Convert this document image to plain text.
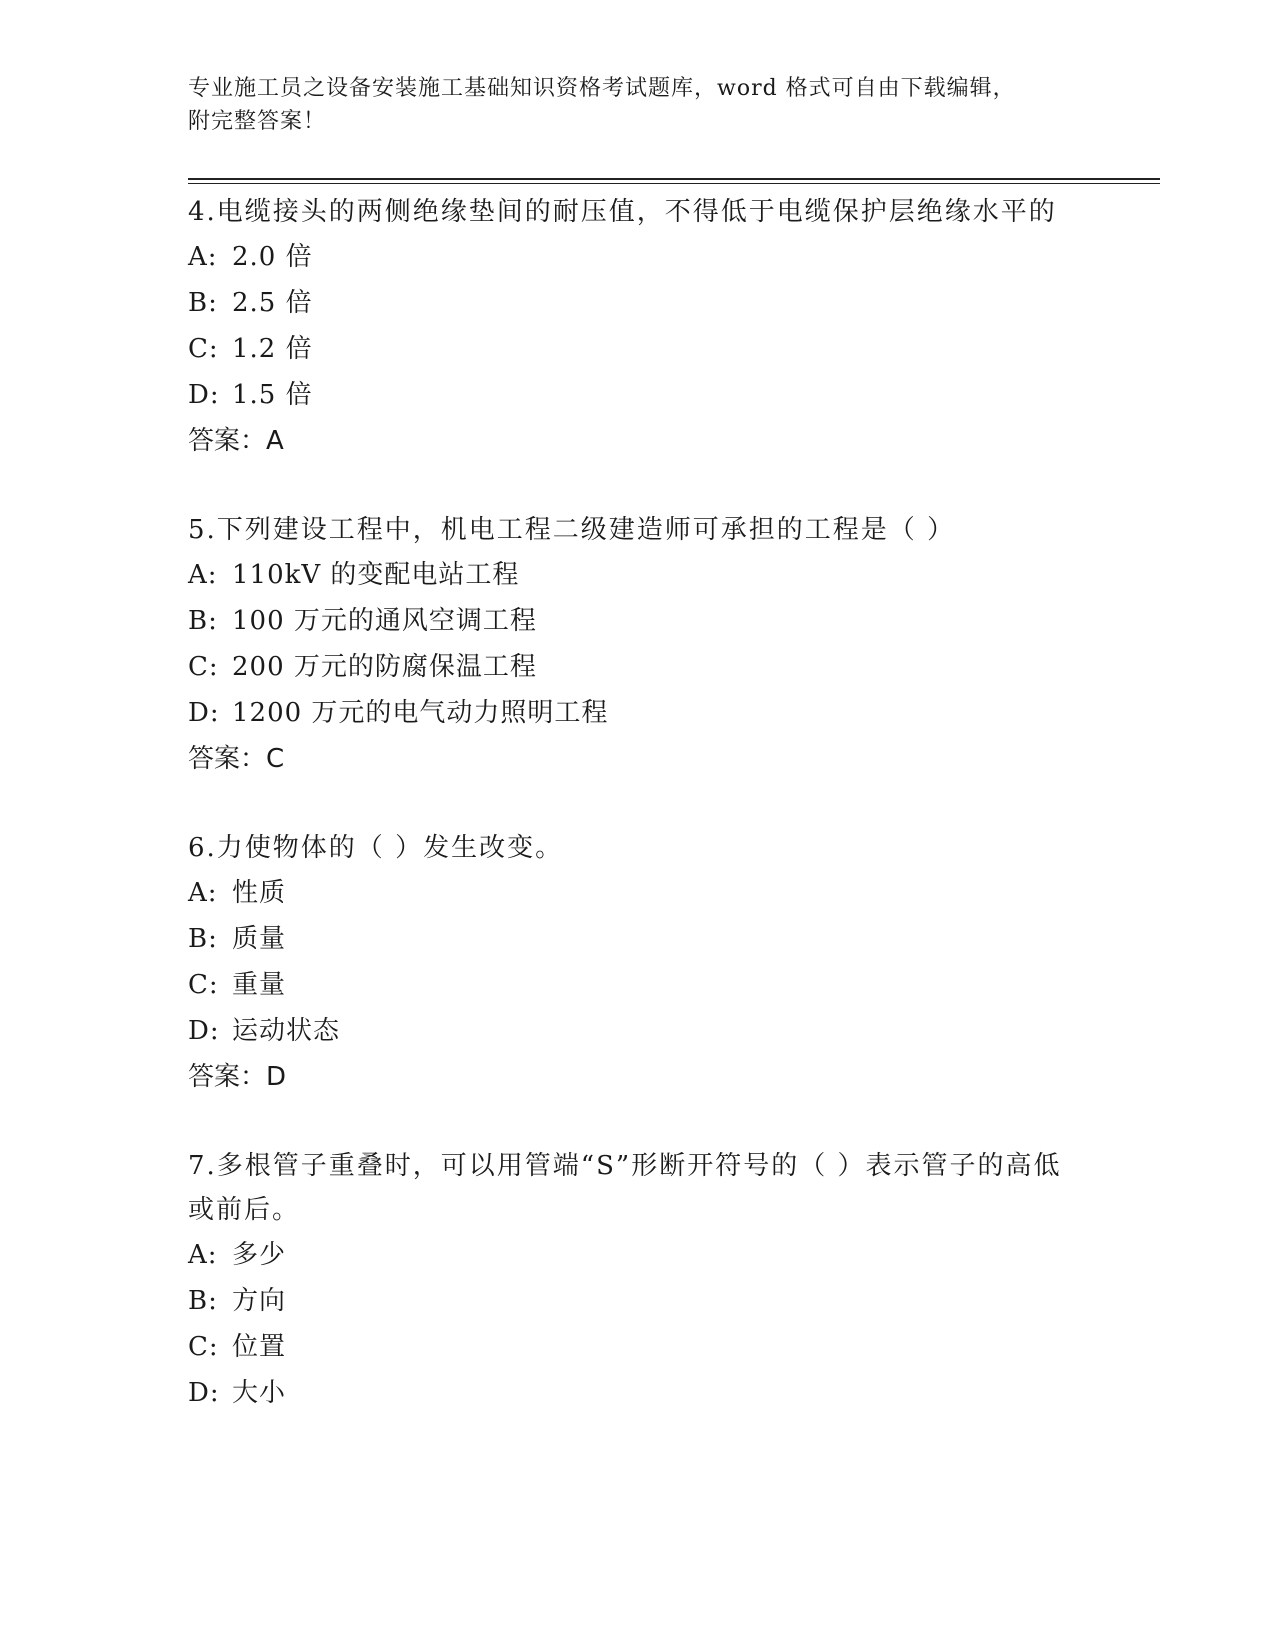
专业施工员之设备安装施工基础知识资格考试题库，word 格式可自由下载编辑，
附完整答案！

4.电缆接头的两侧绝缘垫间的耐压值，不得低于电缆保护层绝缘水平的

A: 2.0 倍

B: 2.5 倍

C: 1.2 倍

D: 1.5 倍

答案：A

5.下列建设工程中，机电工程二级建造师可承担的工程是（ ）

A: 110kV 的变配电站工程

B: 100 万元的通风空调工程

C: 200 万元的防腐保温工程

D: 1200 万元的电气动力照明工程

答案：C

6.力使物体的（ ）发生改变。

A: 性质

B: 质量

C: 重量

D: 运动状态

答案：D

7.多根管子重叠时，可以用管端“S”形断开符号的（ ）表示管子的高低或前后。

A: 多少

B: 方向

C: 位置

D: 大小
